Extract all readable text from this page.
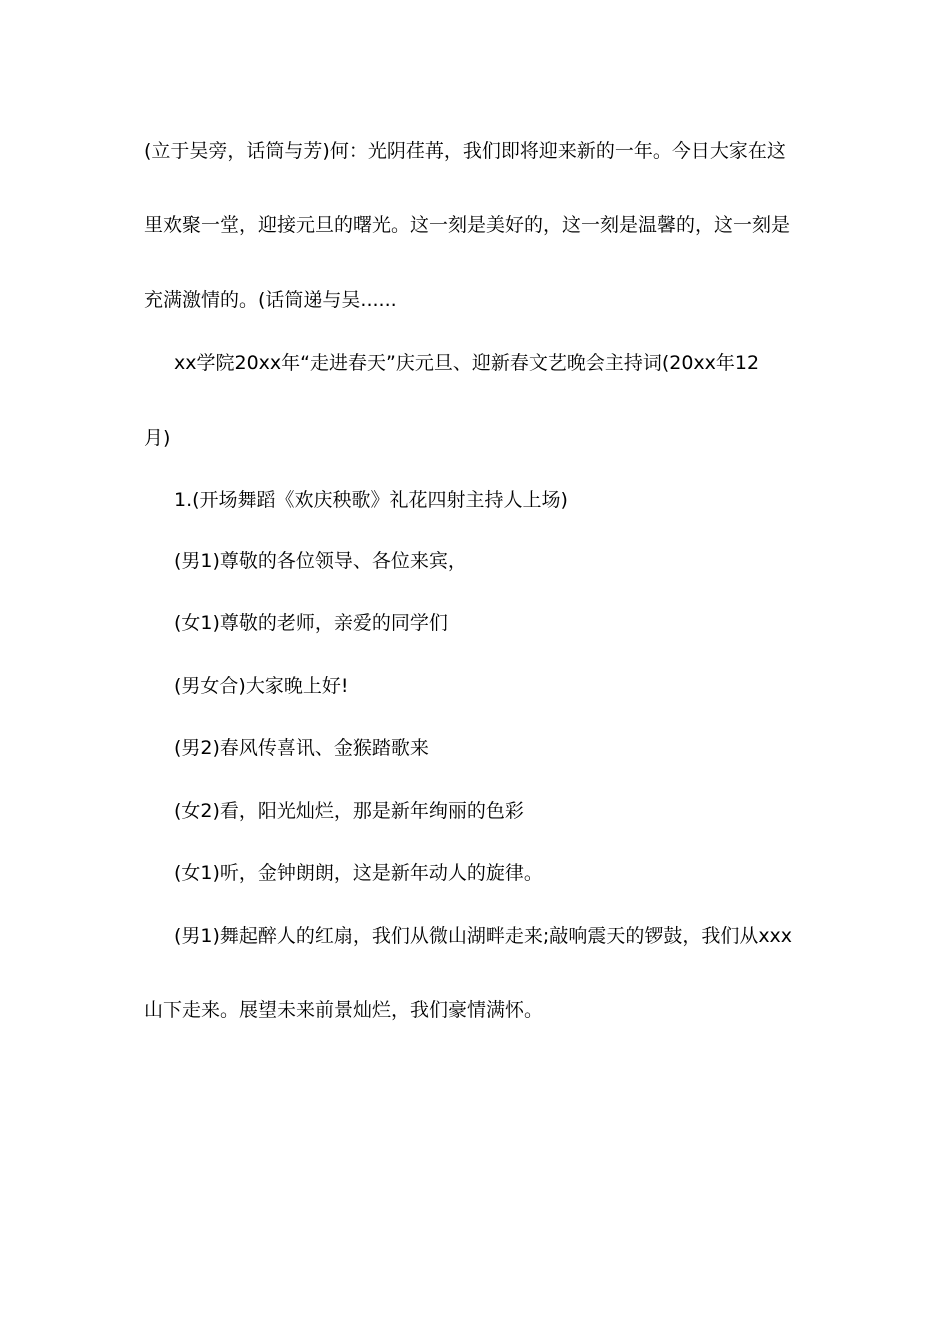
(立于吴旁，话筒与芳)何：光阴荏苒，我们即将迎来新的一年。今日大家在这
里欢聚一堂，迎接元旦的曙光。这一刻是美好的，这一刻是温馨的，这一刻是
充满激情的。(话筒递与吴......
xx学院20xx年“走进春天”庆元旦、迎新春文艺晚会主持词(20xx年12
月)
1.(开场舞蹈《欢庆秧歌》礼花四射主持人上场)
(男1)尊敬的各位领导、各位来宾，
(女1)尊敬的老师，亲爱的同学们
(男女合)大家晚上好!
(男2)春风传喜讯、金猴踏歌来
(女2)看，阳光灿烂，那是新年绚丽的色彩
(女1)听，金钟朗朗，这是新年动人的旋律。
(男1)舞起醉人的红扇，我们从微山湖畔走来;敲响震天的锣鼓，我们从xxx
山下走来。展望未来前景灿烂，我们豪情满怀。
